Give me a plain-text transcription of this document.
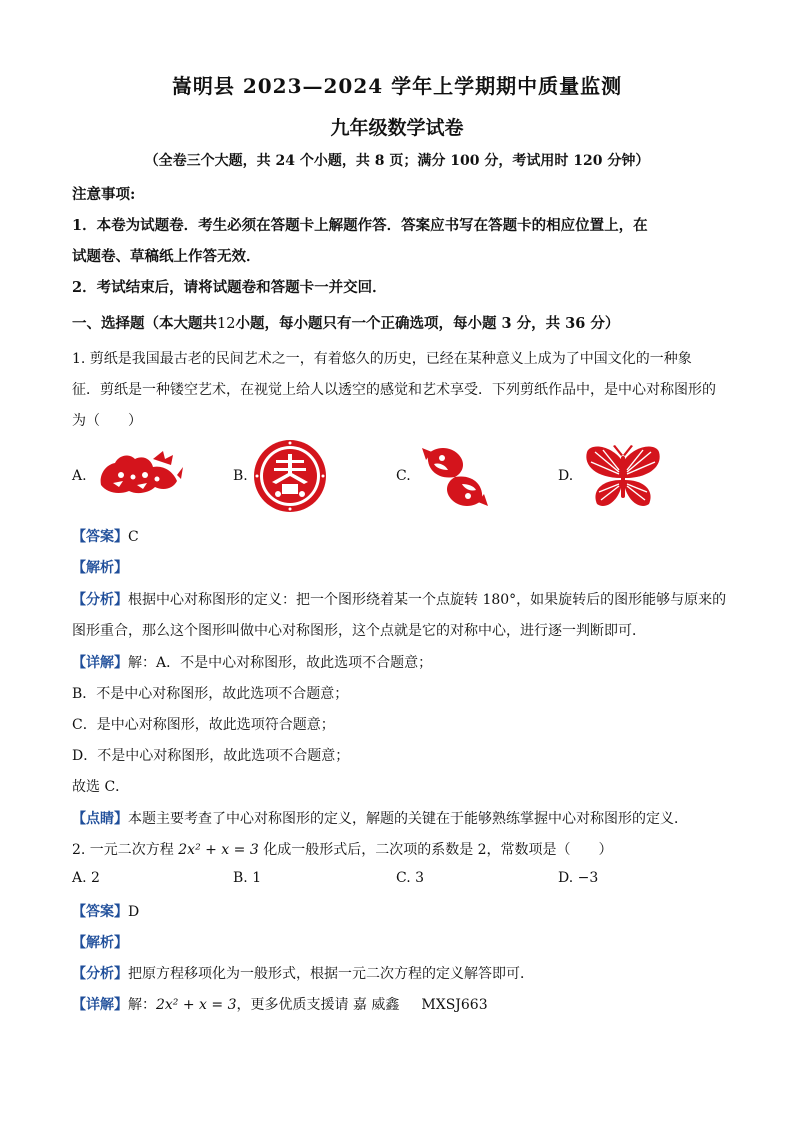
嵩明县 2023—2024 学年上学期期中质量监测
九年级数学试卷
（全卷三个大题，共 24 个小题，共 8 页；满分 100 分，考试用时 120 分钟）
注意事项:
1．本卷为试题卷．考生必须在答题卡上解题作答．答案应书写在答题卡的相应位置上，在
试题卷、草稿纸上作答无效．
2．考试结束后，请将试题卷和答题卡一并交回．
一、选择题（本大题共12小题，每小题只有一个正确选项，每小题 3 分，共 36 分）
1. 剪纸是我国最古老的民间艺术之一，有着悠久的历史，已经在某种意义上成为了中国文化的一种象
征．剪纸是一种镂空艺术，在视觉上给人以透空的感觉和艺术享受．下列剪纸作品中，是中心对称图形的
为（　　）
A.	B.	C.	D.
【答案】C
【解析】
【分析】根据中心对称图形的定义：把一个图形绕着某一个点旋转 180°，如果旋转后的图形能够与原来的
图形重合，那么这个图形叫做中心对称图形，这个点就是它的对称中心，进行逐一判断即可．
【详解】解：A．不是中心对称图形，故此选项不合题意；
B．不是中心对称图形，故此选项不合题意；
C．是中心对称图形，故此选项符合题意；
D．不是中心对称图形，故此选项不合题意；
故选 C．
【点睛】本题主要考查了中心对称图形的定义，解题的关键在于能够熟练掌握中心对称图形的定义．
2. 一元二次方程 2x² + x = 3 化成一般形式后，二次项的系数是 2，常数项是（　　）
A. 2	B. 1	C. 3	D. −3
【答案】D
【解析】
【分析】把原方程移项化为一般形式，根据一元二次方程的定义解答即可．
【详解】解：2x² + x = 3，更多优质支援请 嘉 威鑫 MXSJ663
